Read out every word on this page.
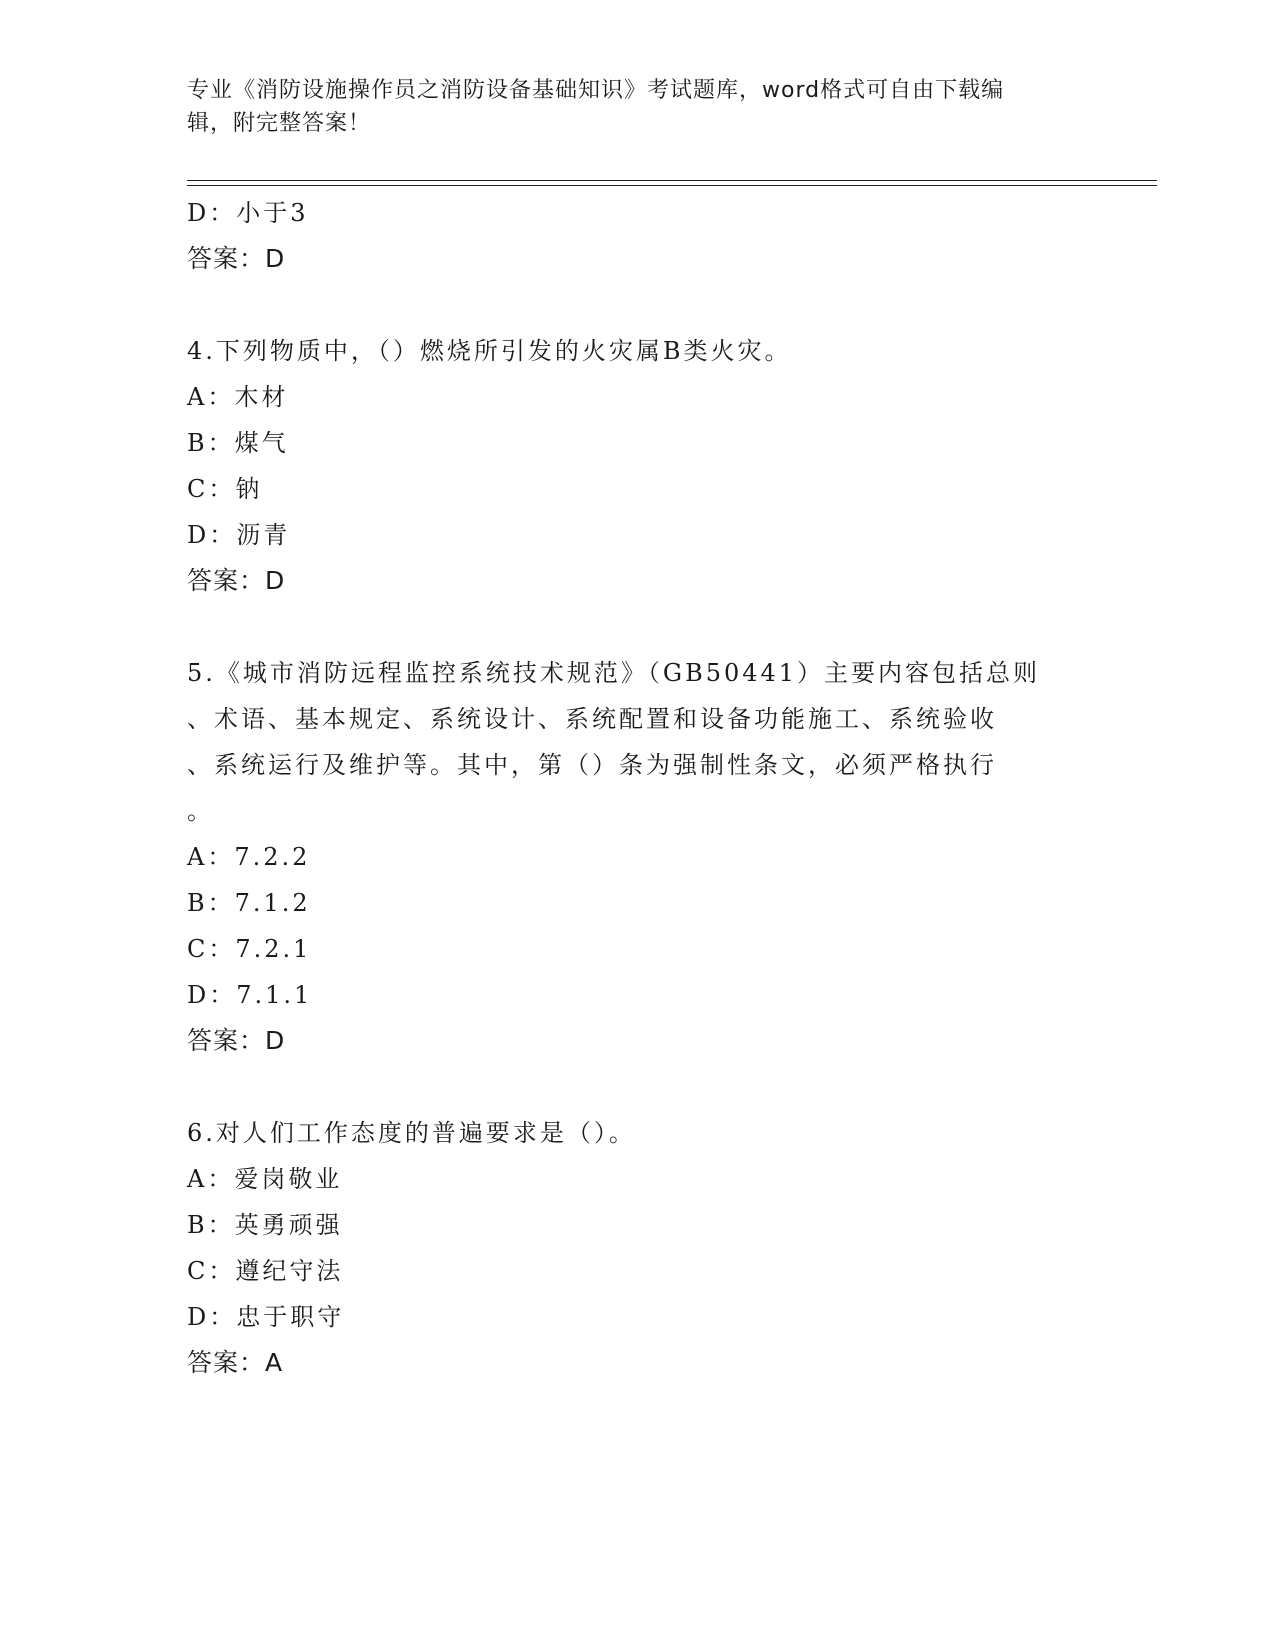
专业《消防设施操作员之消防设备基础知识》考试题库，word格式可自由下载编
辑，附完整答案！
D：小于3
答案：D
4.下列物质中，（）燃烧所引发的火灾属B类火灾。
A：木材
B：煤气
C：钠
D：沥青
答案：D
5.《城市消防远程监控系统技术规范》（GB50441）主要内容包括总则
、术语、基本规定、系统设计、系统配置和设备功能施工、系统验收
、系统运行及维护等。其中，第（）条为强制性条文，必须严格执行
。
A：7.2.2
B：7.1.2
C：7.2.1
D：7.1.1
答案：D
6.对人们工作态度的普遍要求是（）。
A：爱岗敬业
B：英勇顽强
C：遵纪守法
D：忠于职守
答案：A
